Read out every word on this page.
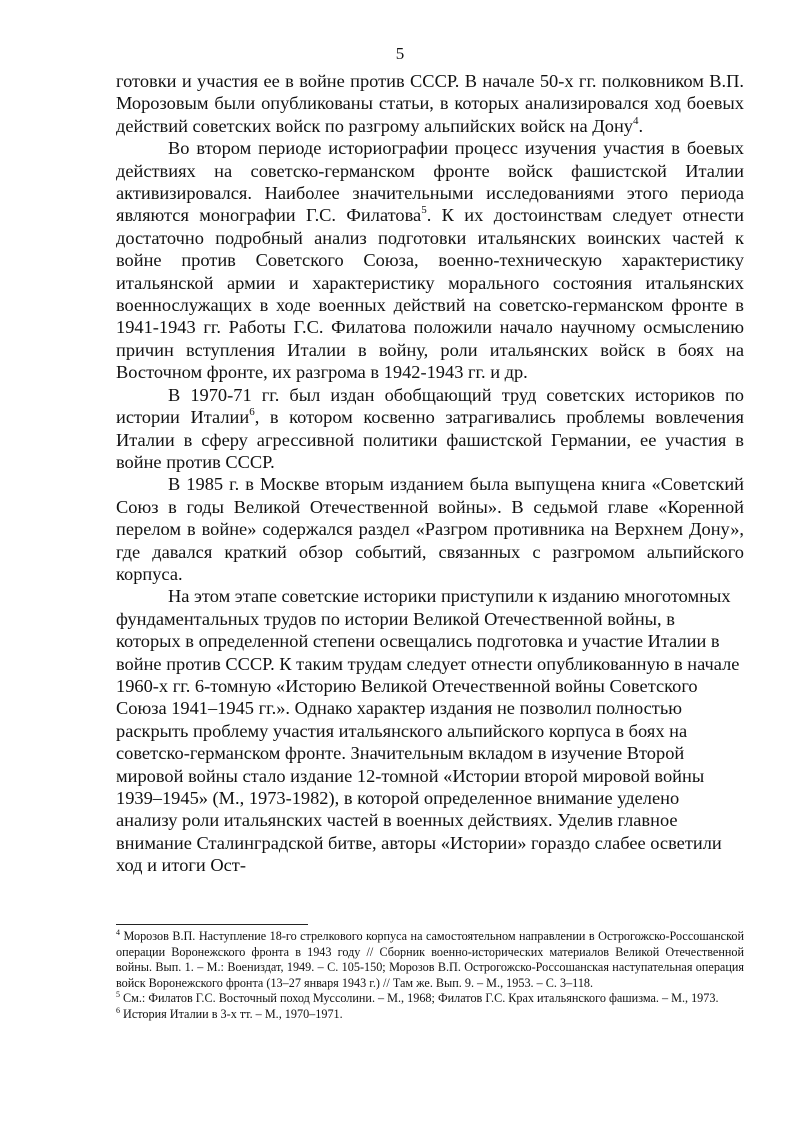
5

готовки и участия ее в войне против СССР. В начале 50-х гг. полковником В.П. Морозовым были опубликованы статьи, в которых анализировался ход боевых действий советских войск по разгрому альпийских войск на Дону$^4$.

Во втором периоде историографии процесс изучения участия в боевых действиях на советско-германском фронте войск фашистской Италии активизировался. Наиболее значительными исследованиями этого периода являются монографии Г.С. Филатова$^5$. К их достоинствам следует отнести достаточно подробный анализ подготовки итальянских воинских частей к войне против Советского Союза, военно-техническую характеристику итальянской армии и характеристику морального состояния итальянских военнослужащих в ходе военных действий на советско-германском фронте в 1941-1943 гг. Работы Г.С. Филатова положили начало научному осмыслению причин вступления Италии в войну, роли итальянских войск в боях на Восточном фронте, их разгрома в 1942-1943 гг. и др.

В 1970-71 гг. был издан обобщающий труд советских историков по истории Италии$^6$, в котором косвенно затрагивались проблемы вовлечения Италии в сферу агрессивной политики фашистской Германии, ее участия в войне против СССР.

В 1985 г. в Москве вторым изданием была выпущена книга «Советский Союз в годы Великой Отечественной войны». В седьмой главе «Коренной перелом в войне» содержался раздел «Разгром противника на Верхнем Дону», где давался краткий обзор событий, связанных с разгромом альпийского корпуса.

На этом этапе советские историки приступили к изданию многотомных фундаментальных трудов по истории Великой Отечественной войны, в которых в определенной степени освещались подготовка и участие Италии в войне против СССР. К таким трудам следует отнести опубликованную в начале 1960-х гг. 6-томную «Историю Великой Отечественной войны Советского Союза 1941–1945 гг.». Однако характер издания не позволил полностью раскрыть проблему участия итальянского альпийского корпуса в боях на советско-германском фронте. Значительным вкладом в изучение Второй мировой войны стало издание 12-томной «Истории второй мировой войны 1939–1945» (М., 1973-1982), в которой определенное внимание уделено анализу роли итальянских частей в военных действиях. Уделив главное внимание Сталинградской битве, авторы «Истории» гораздо слабее осветили ход и итоги Ост-

$^4$ Морозов В.П. Наступление 18-го стрелкового корпуса на самостоятельном направлении в Острогожско-Россошанской операции Воронежского фронта в 1943 году // Сборник военно-исторических материалов Великой Отечественной войны. Вып. 1. – М.: Воениздат, 1949. – С. 105-150; Морозов В.П. Острогожско-Россошанская наступательная операция войск Воронежского фронта (13–27 января 1943 г.) // Там же. Вып. 9. – М., 1953. – С. 3–118.

$^5$ См.: Филатов Г.С. Восточный поход Муссолини. – М., 1968; Филатов Г.С. Крах итальянского фашизма. – М., 1973.

$^6$ История Италии в 3-х тт. – М., 1970–1971.
